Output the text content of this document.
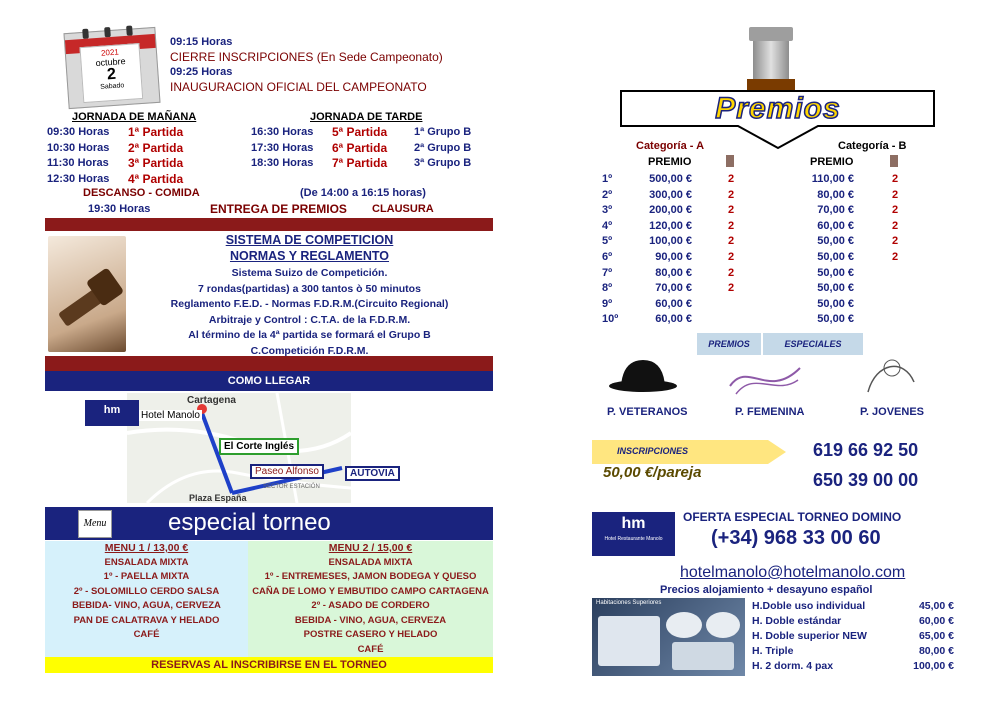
2021
octubre
2
Sabado
09:15 Horas
CIERRE INSCRIPCIONES (En Sede Campeonato)
09:25 Horas
INAUGURACION OFICIAL DEL CAMPEONATO
JORNADA DE MAÑANA	JORNADA DE TARDE
09:30 Horas 1ª Partida
10:30 Horas 2ª Partida
11:30 Horas 3ª Partida
12:30 Horas 4ª Partida
16:30 Horas 5ª Partida 1ª Grupo B
17:30 Horas 6ª Partida 2ª Grupo B
18:30 Horas 7ª Partida 3ª Grupo B
DESCANSO - COMIDA	(De 14:00 a 16:15 horas)
19:30 Horas	ENTREGA DE PREMIOS CLAUSURA
SISTEMA DE COMPETICION
NORMAS Y REGLAMENTO
Sistema Suizo de Competición.
7 rondas(partidas) a 300 tantos ò 50 minutos
Reglamento F.E.D. - Normas F.D.R.M.(Circuito Regional)
Arbitraje y Control : C.T.A. de la F.D.R.M.
Al término de la 4ª partida se formará el Grupo B
C.Competición F.D.R.M.
COMO LLEGAR
Cartagena
SECTOR ESTACIÓN
hm	Hotel Manolo
El Corte Inglés
Paseo Alfonso	AUTOVIA
Plaza España
Menu	especial torneo
MENU 1 / 13,00 €
ENSALADA MIXTA
1º - PAELLA MIXTA
2º - SOLOMILLO CERDO SALSA
BEBIDA- VINO, AGUA, CERVEZA
PAN DE CALATRAVA Y HELADO
CAFÉ
MENU 2 / 15,00 €
ENSALADA MIXTA
1º - ENTREMESES, JAMON BODEGA Y QUESO
CAÑA DE LOMO Y EMBUTIDO CAMPO CARTAGENA
2º - ASADO DE CORDERO
BEBIDA - VINO, AGUA, CERVEZA
POSTRE CASERO Y HELADO
CAFÉ
RESERVAS AL INSCRIBIRSE EN EL TORNEO
Premios
Categoría - A	Categoría - B
PREMIO	PREMIO
1º	500,00 €	2	110,00 €	2
2º	300,00 €	2	80,00 €	2
3º	200,00 €	2	70,00 €	2
4º	120,00 €	2	60,00 €	2
5º	100,00 €	2	50,00 €	2
6º	90,00 €	2	50,00 €	2
7º	80,00 €	2	50,00 €
8º	70,00 €	2	50,00 €
9º	60,00 €	50,00 €
10º	60,00 €	50,00 €
PREMIOS	ESPECIALES
P. VETERANOS	P. FEMENINA	P. JOVENES
INSCRIPCIONES
50,00 €/pareja
619 66 92 50
650 39 00 00
hm
Hotel Restaurante Manolo
OFERTA ESPECIAL TORNEO DOMINO
(+34) 968 33 00 60
hotelmanolo@hotelmanolo.com
Precios alojamiento + desayuno español
Habitaciones Superiores	H.Doble uso individual	45,00 €
H. Doble estándar	60,00 €
H. Doble superior NEW	65,00 €
H. Triple	80,00 €
H. 2 dorm. 4 pax	100,00 €
